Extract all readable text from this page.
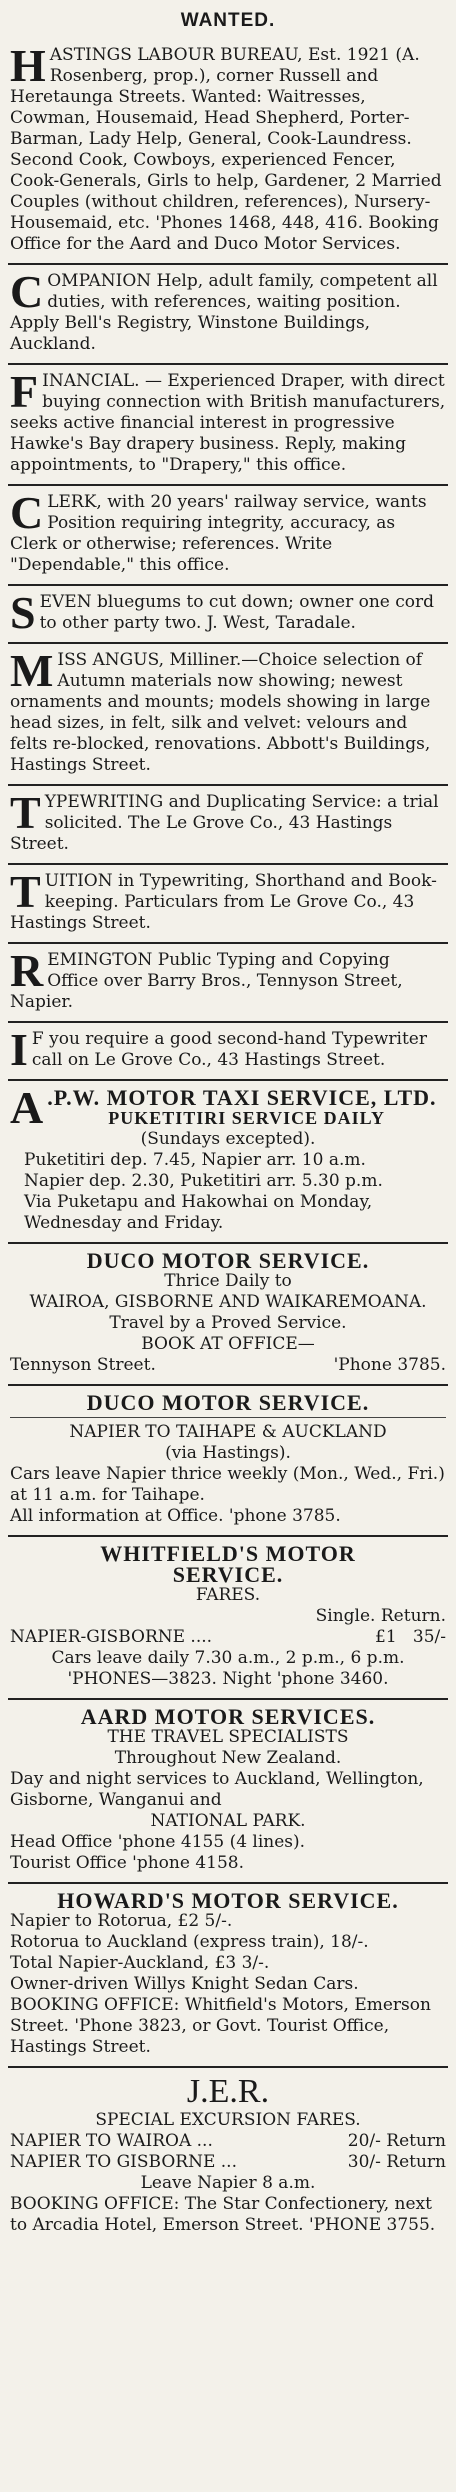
WANTED.
H ASTINGS LABOUR BUREAU, Est. 1921 (A. Rosenberg, prop.), corner Russell and Heretaunga Streets. Wanted: Waitresses, Cowman, Housemaid, Head Shepherd, Porter-Barman, Lady Help, General, Cook-Laundress. Second Cook, Cowboys, experienced Fencer, Cook-Generals, Girls to help, Gardener, 2 Married Couples (without children, references), Nursery-Housemaid, etc. 'Phones 1468, 448, 416. Booking Office for the Aard and Duco Motor Services.

C OMPANION Help, adult family, competent all duties, with references, waiting position. Apply Bell's Registry, Winstone Buildings, Auckland.

F INANCIAL. — Experienced Draper, with direct buying connection with British manufacturers, seeks active financial interest in progressive Hawke's Bay drapery business. Reply, making appointments, to "Drapery," this office.

C LERK, with 20 years' railway service, wants Position requiring integrity, accuracy, as Clerk or otherwise; references. Write "Dependable," this office.

S EVEN bluegums to cut down; owner one cord to other party two. J. West, Taradale.

M ISS ANGUS, Milliner.—Choice selection of Autumn materials now showing; newest ornaments and mounts; models showing in large head sizes, in felt, silk and velvet: velours and felts re-blocked, renovations. Abbott's Buildings, Hastings Street.

T YPEWRITING and Duplicating Service: a trial solicited. The Le Grove Co., 43 Hastings Street.

T UITION in Typewriting, Shorthand and Book-keeping. Particulars from Le Grove Co., 43 Hastings Street.

R EMINGTON Public Typing and Copying Office over Barry Bros., Tennyson Street, Napier.

I F you require a good second-hand Typewriter call on Le Grove Co., 43 Hastings Street.

A .P.W. MOTOR TAXI SERVICE, LTD.

PUKETITIRI SERVICE DAILY

(Sundays excepted).

Puketitiri dep. 7.45, Napier arr. 10 a.m.

Napier dep. 2.30, Puketitiri arr. 5.30 p.m.

Via Puketapu and Hakowhai on Monday, Wednesday and Friday.

DUCO MOTOR SERVICE.

Thrice Daily to

WAIROA, GISBORNE AND WAIKAREMOANA.

Travel by a Proved Service.

BOOK AT OFFICE—

Tennyson Street.	'Phone 3785.

DUCO MOTOR SERVICE.

NAPIER TO TAIHAPE & AUCKLAND

(via Hastings).

Cars leave Napier thrice weekly (Mon., Wed., Fri.) at 11 a.m. for Taihape.

All information at Office. 'phone 3785.

WHITFIELD'S MOTOR

SERVICE.

FARES.

Single. Return.
NAPIER-GISBORNE ....	£1 35/-

Cars leave daily 7.30 a.m., 2 p.m., 6 p.m.

'PHONES—3823. Night 'phone 3460.

AARD MOTOR SERVICES.

THE TRAVEL SPECIALISTS

Throughout New Zealand.

Day and night services to Auckland, Wellington, Gisborne, Wanganui and

NATIONAL PARK.

Head Office 'phone 4155 (4 lines).

Tourist Office 'phone 4158.

HOWARD'S MOTOR SERVICE.

Napier to Rotorua, £2 5/-.

Rotorua to Auckland (express train), 18/-.

Total Napier-Auckland, £3 3/-.

Owner-driven Willys Knight Sedan Cars.

BOOKING OFFICE: Whitfield's Motors, Emerson Street. 'Phone 3823, or Govt. Tourist Office, Hastings Street.

J.E.R.

SPECIAL EXCURSION FARES.

NAPIER TO WAIROA ...	20/- Return
NAPIER TO GISBORNE ...	30/- Return

Leave Napier 8 a.m.

BOOKING OFFICE: The Star Confectionery, next to Arcadia Hotel, Emerson Street. 'PHONE 3755.
